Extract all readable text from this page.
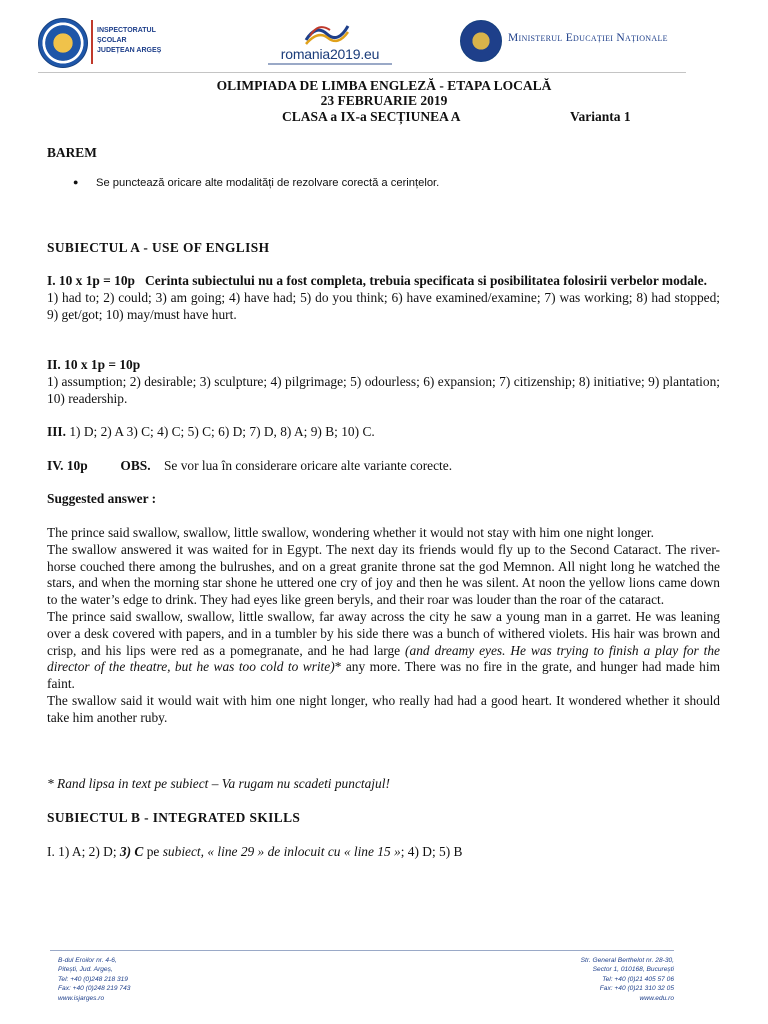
INSPECTORATUL ȘCOLAR
JUDEȚEAN ARGEȘ	romania2019.eu
Ministerul Educației Naționale
OLIMPIADA DE LIMBA ENGLEZĂ - ETAPA LOCALĂ
23 FEBRUARIE 2019
CLASA a IX-a SECȚIUNEA A	Varianta 1
BAREM
● Se punctează oricare alte modalități de rezolvare corectă a cerințelor.
SUBIECTUL A - USE OF ENGLISH
I. 10 x 1p = 10p Cerinta subiectului nu a fost completa, trebuia specificata si posibilitatea folosirii verbelor modale.
1) had to; 2) could; 3) am going; 4) have had; 5) do you think; 6) have examined/examine; 7) was working; 8) had stopped; 9) get/got; 10) may/must have hurt.
II. 10 x 1p = 10p
1) assumption; 2) desirable; 3) sculpture; 4) pilgrimage; 5) odourless; 6) expansion; 7) citizenship; 8) initiative; 9) plantation; 10) readership.
III. 1) D; 2) A 3) C; 4) C; 5) C; 6) D; 7) D, 8) A; 9) B; 10) C.
IV. 10p OBS. Se vor lua în considerare oricare alte variante corecte.
Suggested answer :
The prince said swallow, swallow, little swallow, wondering whether it would not stay with him one night longer.
The swallow answered it was waited for in Egypt. The next day its friends would fly up to the Second Cataract. The river-horse couched there among the bulrushes, and on a great granite throne sat the god Memnon. All night long he watched the stars, and when the morning star shone he uttered one cry of joy and then he was silent. At noon the yellow lions came down to the water’s edge to drink. They had eyes like green beryls, and their roar was louder than the roar of the cataract.
The prince said swallow, swallow, little swallow, far away across the city he saw a young man in a garret. He was leaning over a desk covered with papers, and in a tumbler by his side there was a bunch of withered violets. His hair was brown and crisp, and his lips were red as a pomegranate, and he had large (and dreamy eyes. He was trying to finish a play for the director of the theatre, but he was too cold to write)* any more. There was no fire in the grate, and hunger had made him faint.
The swallow said it would wait with him one night longer, who really had had a good heart. It wondered whether it should take him another ruby.
* Rand lipsa in text pe subiect – Va rugam nu scadeti punctajul!
SUBIECTUL B - INTEGRATED SKILLS
I. 1) A; 2) D; 3) C pe subiect, « line 29 » de inlocuit cu « line 15 »; 4) D; 5) B
B-dul Eroilor nr. 4-6,
Pitești, Jud. Argeș,
Tel: +40 (0)248 218 319
Fax: +40 (0)248 219 743
www.isjarges.ro
Str. General Berthelot nr. 28-30,
Sector 1, 010168, București
Tel: +40 (0)21 405 57 06
Fax: +40 (0)21 310 32 05
www.edu.ro
